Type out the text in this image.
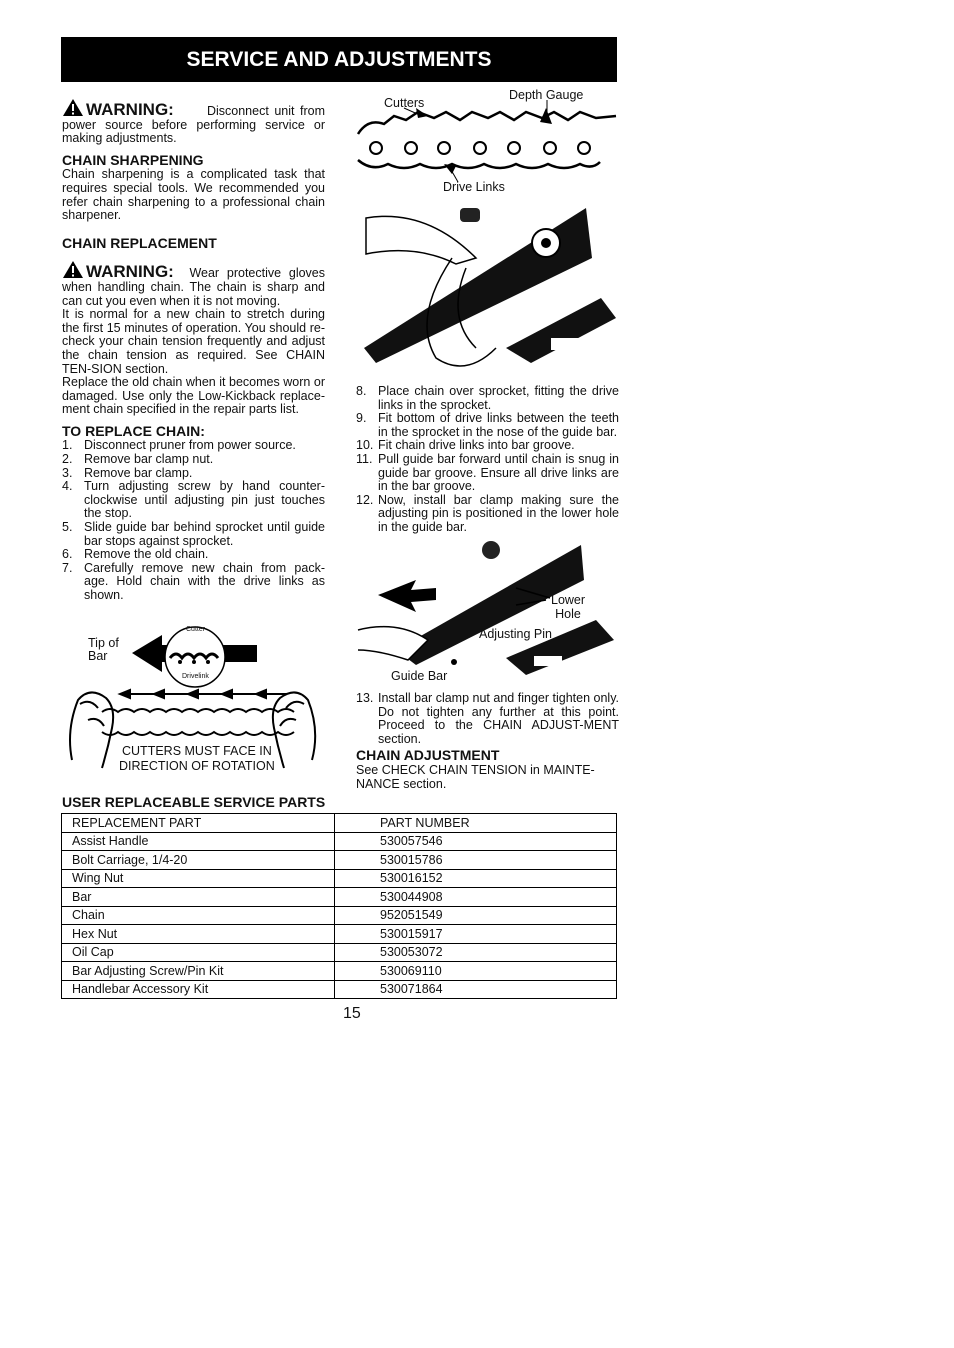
SERVICE AND ADJUSTMENTS
WARNING:	Disconnect unit from power source before performing service or making adjustments.
CHAIN SHARPENING
Chain sharpening is a complicated task that requires special tools. We recommended you refer chain sharpening to a professional chain sharpener.
CHAIN REPLACEMENT
WARNING: Wear protective gloves when handling chain. The chain is sharp and can cut you even when it is not moving.
It is normal for a new chain to stretch during the first 15 minutes of operation. You should re-check your chain tension frequently and adjust the chain tension as required. See CHAIN TEN-SION section.
Replace the old chain when it becomes worn or damaged. Use only the Low-Kickback replace-ment chain specified in the repair parts list.
TO REPLACE CHAIN:
1. Disconnect pruner from power source.
2. Remove bar clamp nut.
3. Remove bar clamp.
4. Turn adjusting screw by hand counter-clockwise until adjusting pin just touches the stop.
5. Slide guide bar behind sprocket until guide bar stops against sprocket.
6. Remove the old chain.
7. Carefully remove new chain from pack-age. Hold chain with the drive links as shown.
Tip of
Bar
Cutter
Drivelink
CUTTERS MUST FACE IN
DIRECTION OF ROTATION
Cutters
Depth Gauge
Drive Links
8. Place chain over sprocket, fitting the drive links in the sprocket.
9. Fit bottom of drive links between the teeth in the sprocket in the nose of the guide bar.
10. Fit chain drive links into bar groove.
11. Pull guide bar forward until chain is snug in guide bar groove. Ensure all drive links are in the bar groove.
12. Now, install bar clamp making sure the adjusting pin is positioned in the lower hole in the guide bar.
Lower
Hole
Adjusting Pin
Guide Bar
13. Install bar clamp nut and finger tighten only. Do not tighten any further at this point. Proceed to the CHAIN ADJUST-MENT section.
CHAIN ADJUSTMENT
See CHECK CHAIN TENSION in MAINTE-NANCE section.
USER REPLACEABLE SERVICE PARTS
REPLACEMENT PART	PART NUMBER
Assist Handle	530057546
Bolt Carriage, 1/4-20	530015786
Wing Nut	530016152
Bar	530044908
Chain	952051549
Hex Nut	530015917
Oil Cap	530053072
Bar Adjusting Screw/Pin Kit	530069110
Handlebar Accessory Kit	530071864
15
